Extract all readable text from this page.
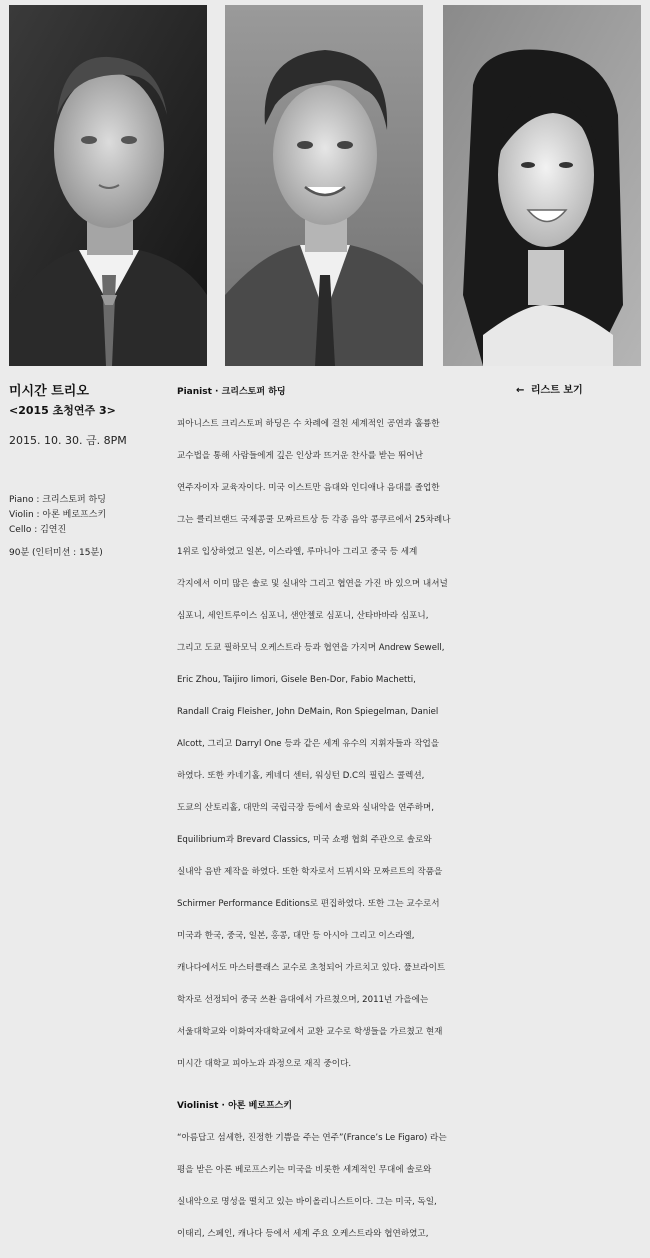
미시간 트리오
<2015 초청연주 3>
2015. 10. 30. 금. 8PM
Piano : 크리스토퍼 하딩
Violin : 아론 베로프스키
Cello : 김연진
90분 (인터미션 : 15분)

Pianist · 크리스토퍼 하딩

피아니스트 크리스토퍼 하딩은 수 차례에 걸친 세계적인 공연과 훌륭한

교수법을 통해 사람들에게 깊은 인상과 뜨거운 찬사를 받는 뛰어난

연주자이자 교육자이다. 미국 이스트만 음대와 인디애나 음대를 졸업한

그는 클리브랜드 국제콩쿨 모짜르트상 등 각종 음악 콩쿠르에서 25차례나

1위로 입상하였고 일본, 이스라엘, 루마니아 그리고 중국 등 세계

각지에서 이미 많은 솔로 및 실내악 그리고 협연을 가진 바 있으며 내셔널

심포니, 세인트루이스 심포니, 샌안젤로 심포니, 산타바바라 심포니,

그리고 도쿄 필하모닉 오케스트라 등과 협연을 가지며 Andrew Sewell,

Eric Zhou, Taijiro Iimori, Gisele Ben-Dor, Fabio Machetti,

Randall Craig Fleisher, John DeMain, Ron Spiegelman, Daniel

Alcott, 그리고 Darryl One 등과 같은 세계 유수의 지휘자들과 작업을

하였다. 또한 카네기홀, 케네디 센터, 워싱턴 D.C의 필립스 콜렉션,

도쿄의 산토리홀, 대만의 국립극장 등에서 솔로와 실내악을 연주하며,

Equilibrium과 Brevard Classics, 미국 쇼팽 협회 주관으로 솔로와

실내악 음반 제작을 하였다. 또한 학자로서 드뷔시와 모짜르트의 작품을

Schirmer Performance Editions로 편집하였다. 또한 그는 교수로서

미국과 한국, 중국, 일본, 홍콩, 대만 등 아시아 그리고 이스라엘,

캐나다에서도 마스터클래스 교수로 초청되어 가르치고 있다. 풀브라이트

학자로 선정되어 중국 쓰촨 음대에서 가르쳤으며, 2011년 가을에는

서울대학교와 이화여자대학교에서 교환 교수로 학생들을 가르쳤고 현재

미시간 대학교 피아노과 과정으로 재직 중이다.

Violinist · 아론 베로프스키

“아름답고 섬세한, 진정한 기쁨을 주는 연주”(France’s Le Figaro) 라는

평을 받은 아론 베로프스키는 미국을 비롯한 세계적인 무대에 솔로와

실내악으로 명성을 떨치고 있는 바이올리니스트이다. 그는 미국, 독일,

이태리, 스페인, 캐나다 등에서 세계 주요 오케스트라와 협연하였고,

← 리스트 보기
